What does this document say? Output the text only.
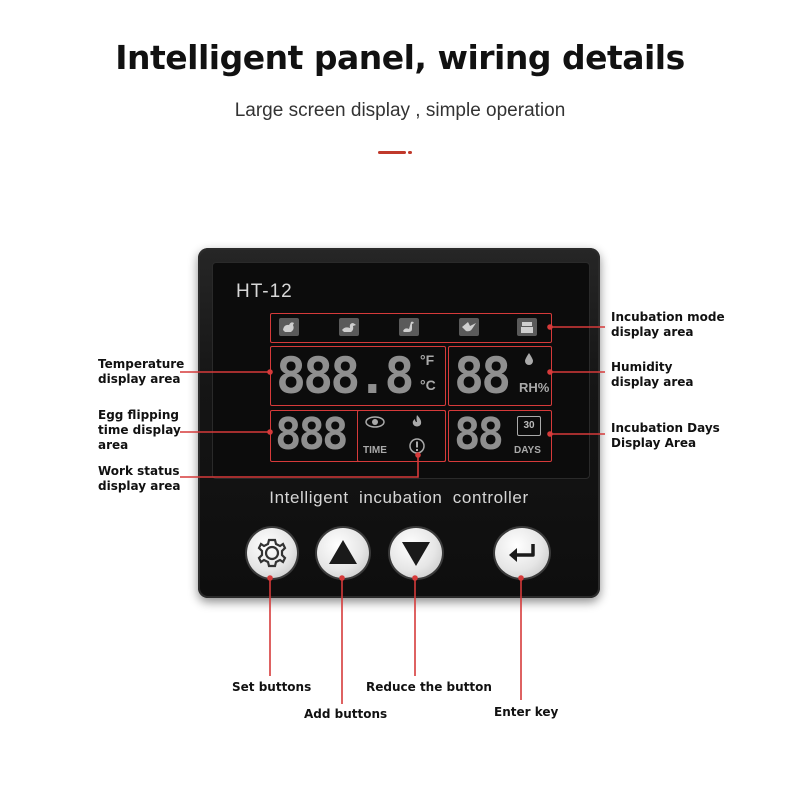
Intelligent panel, wiring details
Large screen display , simple operation
HT-12
888.8 °F
°C 88 RH%
888 TIME 88	30
DAYS
Intelligent incubation controller
Incubation mode
display area
Temperature
display area
Humidity
display area
Egg flipping
time display
area
Incubation Days
Display Area
Work status
display area
Set buttons
Add buttons
Reduce the button
Enter key
